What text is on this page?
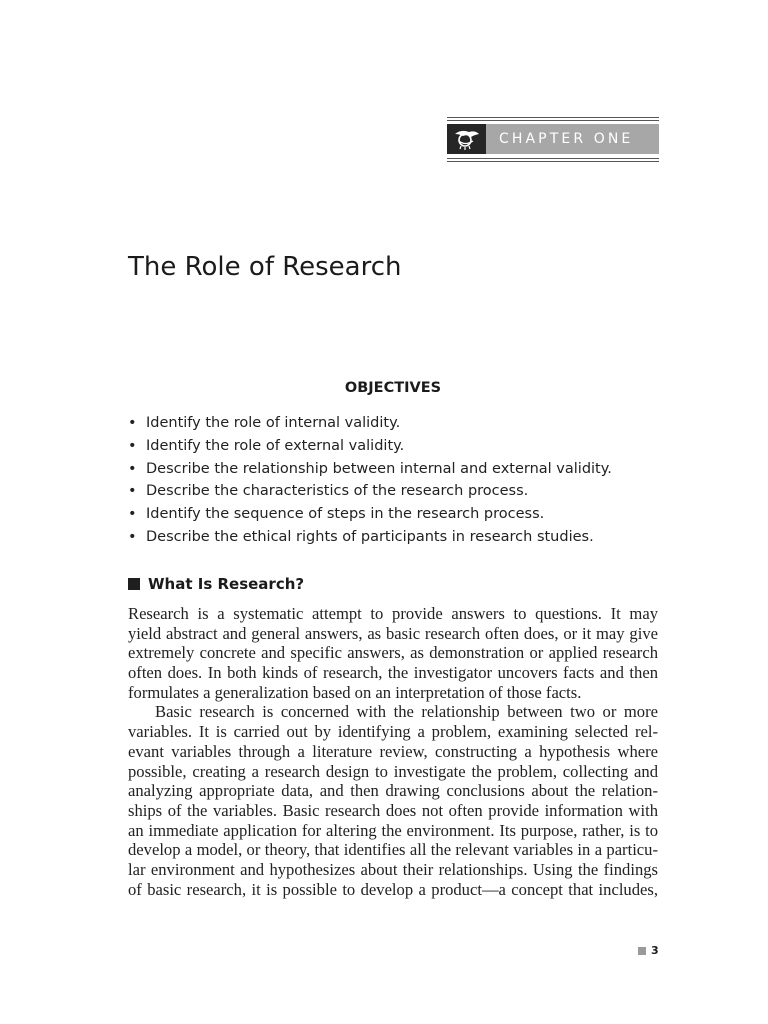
CHAPTER ONE
The Role of Research
OBJECTIVES
• Identify the role of internal validity.
• Identify the role of external validity.
• Describe the relationship between internal and external validity.
• Describe the characteristics of the research process.
• Identify the sequence of steps in the research process.
• Describe the ethical rights of participants in research studies.
What Is Research?
Research is a systematic attempt to provide answers to questions. It may
yield abstract and general answers, as basic research often does, or it may give
extremely concrete and specific answers, as demonstration or applied research
often does. In both kinds of research, the investigator uncovers facts and then
formulates a generalization based on an interpretation of those facts.
Basic research is concerned with the relationship between two or more
variables. It is carried out by identifying a problem, examining selected rel-
evant variables through a literature review, constructing a hypothesis where
possible, creating a research design to investigate the problem, collecting and
analyzing appropriate data, and then drawing conclusions about the relation-
ships of the variables. Basic research does not often provide information with
an immediate application for altering the environment. Its purpose, rather, is to
develop a model, or theory, that identifies all the relevant variables in a particu-
lar environment and hypothesizes about their relationships. Using the findings
of basic research, it is possible to develop a product—a concept that includes,
3
